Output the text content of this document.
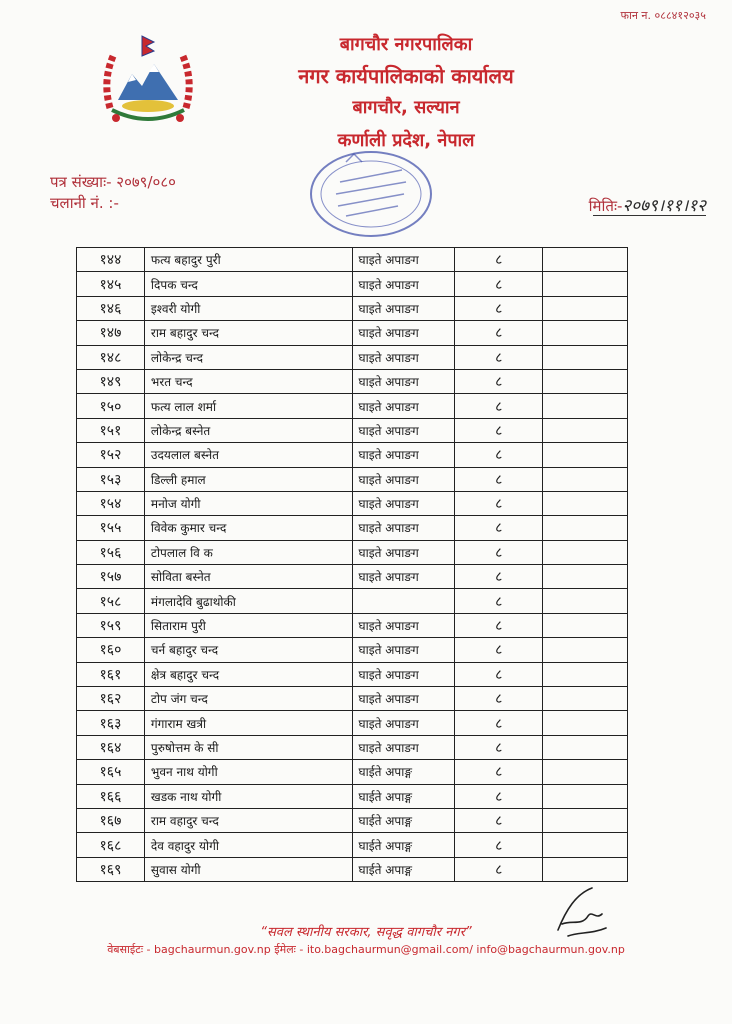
फान न. ०८८४१२०३५
बागचौर नगरपालिका
नगर कार्यपालिकाको कार्यालय
बागचौर, सल्यान
कर्णाली प्रदेश, नेपाल
पत्र संख्याः- २०७९/०८०
चलानी नं. :-	मितिः-२०७९।११।१२
१४४	फत्य बहादुर पुरी	घाइते अपाङग	८	
१४५	दिपक चन्द	घाइते अपाङग	८	
१४६	इश्वरी योगी	घाइते अपाङग	८	
१४७	राम बहादुर चन्द	घाइते अपाङग	८	
१४८	लोकेन्द्र चन्द	घाइते अपाङग	८	
१४९	भरत चन्द	घाइते अपाङग	८	
१५०	फत्य लाल शर्मा	घाइते अपाङग	८	
१५१	लोकेन्द्र बस्नेत	घाइते अपाङग	८	
१५२	उदयलाल बस्नेत	घाइते अपाङग	८	
१५३	डिल्ली हमाल	घाइते अपाङग	८	
१५४	मनोज योगी	घाइते अपाङग	८	
१५५	विवेक कुमार चन्द	घाइते अपाङग	८	
१५६	टोपलाल वि क	घाइते अपाङग	८	
१५७	सोविता बस्नेत	घाइते अपाङग	८	
१५८	मंगलादेवि बुढाथोकी		८	
१५९	सिताराम पुरी	घाइते अपाङग	८	
१६०	चर्न बहादुर चन्द	घाइते अपाङग	८	
१६१	क्षेत्र बहादुर चन्द	घाइते अपाङग	८	
१६२	टोप जंग चन्द	घाइते अपाङग	८	
१६३	गंगाराम खत्री	घाइते अपाङग	८	
१६४	पुरुषोत्तम के सी	घाइते अपाङग	८	
१६५	भुवन नाथ योगी	घाईते अपाङ्ग	८	
१६६	खडक नाथ योगी	घाईते अपाङ्ग	८	
१६७	राम वहादुर चन्द	घाईते अपाङ्ग	८	
१६८	देव वहादुर योगी	घाईते अपाङ्ग	८	
१६९	सुवास योगी	घाईते अपाङ्ग	८	
“सवल स्थानीय सरकार, सवृद्ध वागचौर नगर”
वेबसाईटः - bagchaurmun.gov.np ईमेलः - ito.bagchaurmun@gmail.com/ info@bagchaurmun.gov.np
